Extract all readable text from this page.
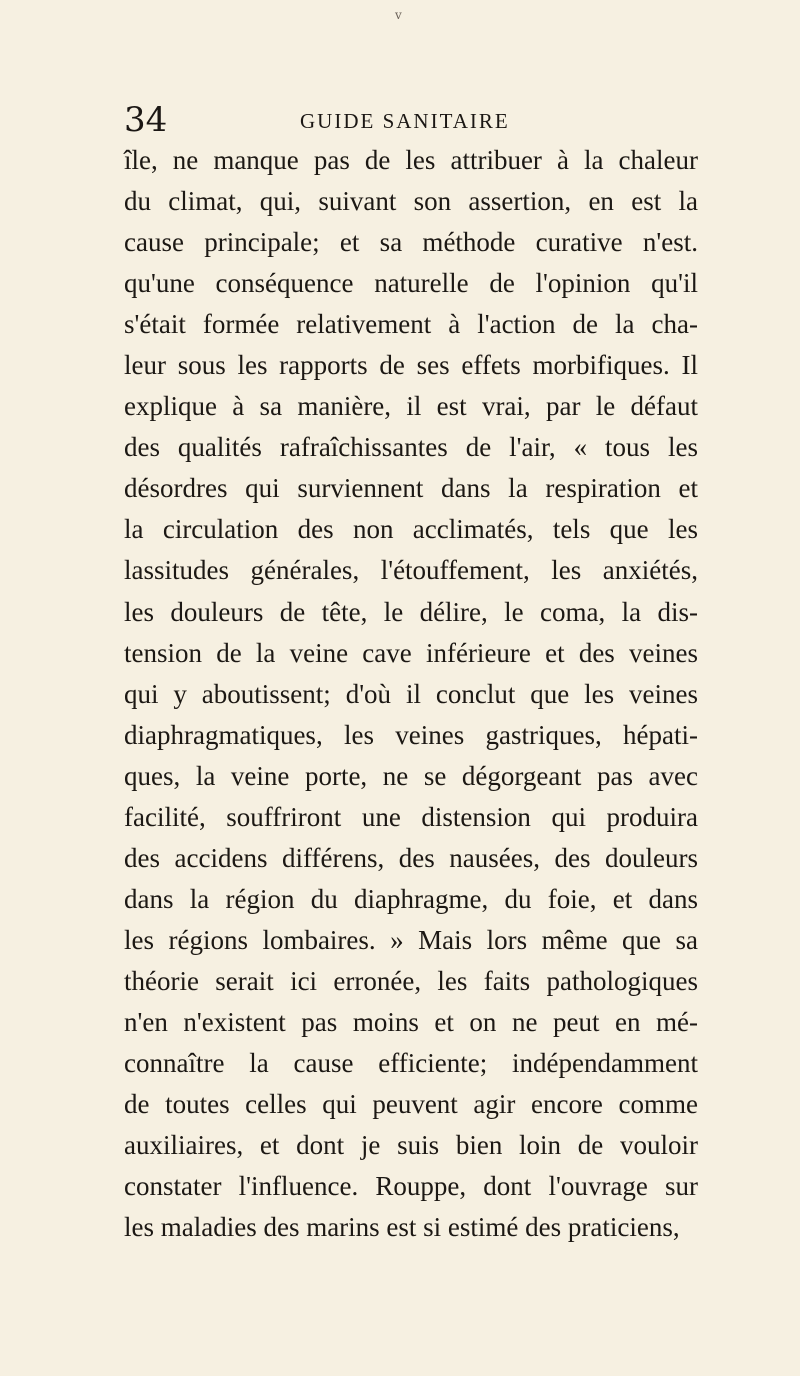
34	GUIDE SANITAIRE
v
île, ne manque pas de les attribuer à la chaleur
du climat, qui, suivant son assertion, en est la
cause principale; et sa méthode curative n'est.
qu'une conséquence naturelle de l'opinion qu'il
s'était formée relativement à l'action de la cha-
leur sous les rapports de ses effets morbifiques. Il
explique à sa manière, il est vrai, par le défaut
des qualités rafraîchissantes de l'air, « tous les
désordres qui surviennent dans la respiration et
la circulation des non acclimatés, tels que les
lassitudes générales, l'étouffement, les anxiétés,
les douleurs de tête, le délire, le coma, la dis-
tension de la veine cave inférieure et des veines
qui y aboutissent; d'où il conclut que les veines
diaphragmatiques, les veines gastriques, hépati-
ques, la veine porte, ne se dégorgeant pas avec
facilité, souffriront une distension qui produira
des accidens différens, des nausées, des douleurs
dans la région du diaphragme, du foie, et dans
les régions lombaires. » Mais lors même que sa
théorie serait ici erronée, les faits pathologiques
n'en n'existent pas moins et on ne peut en mé-
connaître la cause efficiente; indépendamment
de toutes celles qui peuvent agir encore comme
auxiliaires, et dont je suis bien loin de vouloir
constater l'influence. Rouppe, dont l'ouvrage sur
les maladies des marins est si estimé des praticiens,
